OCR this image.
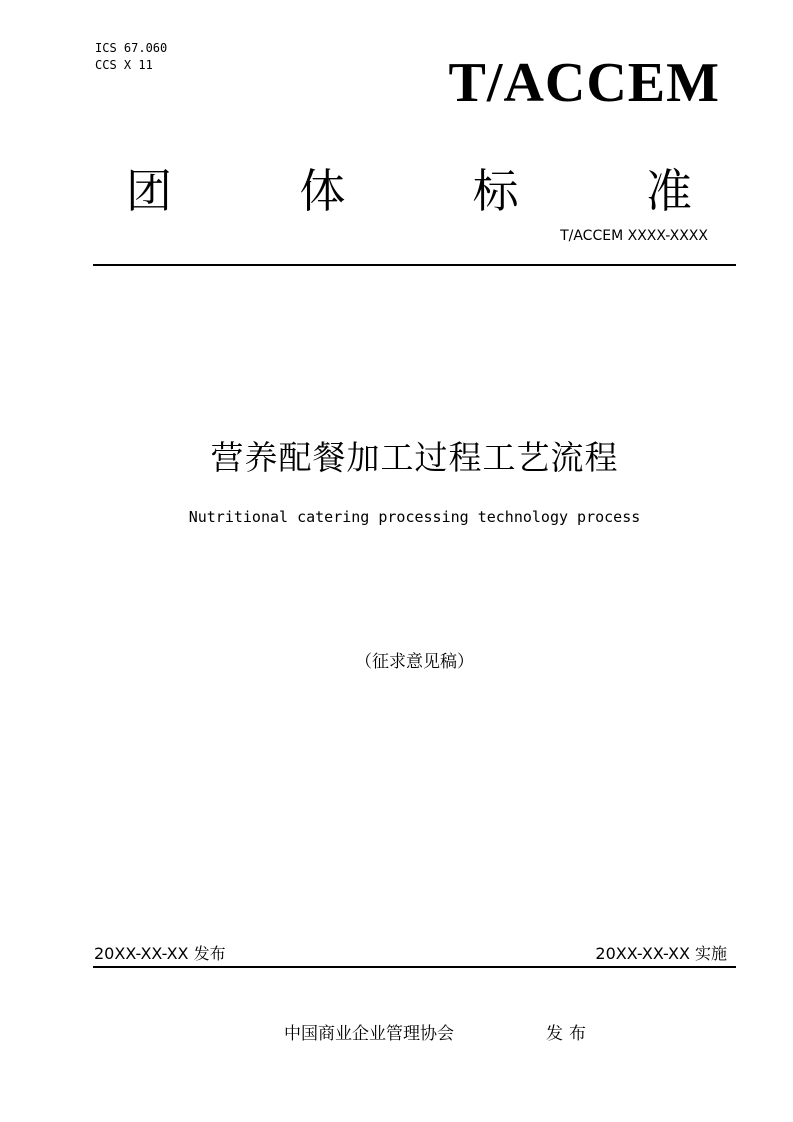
ICS 67.060
CCS X 11	T/ACCEM
团	体	标	准
T/ACCEM XXXX-XXXX
营养配餐加工过程工艺流程
Nutritional catering processing technology process
（征求意见稿）
20XX-XX-XX 发布	20XX-XX-XX 实施
中国商业企业管理协会	发布
